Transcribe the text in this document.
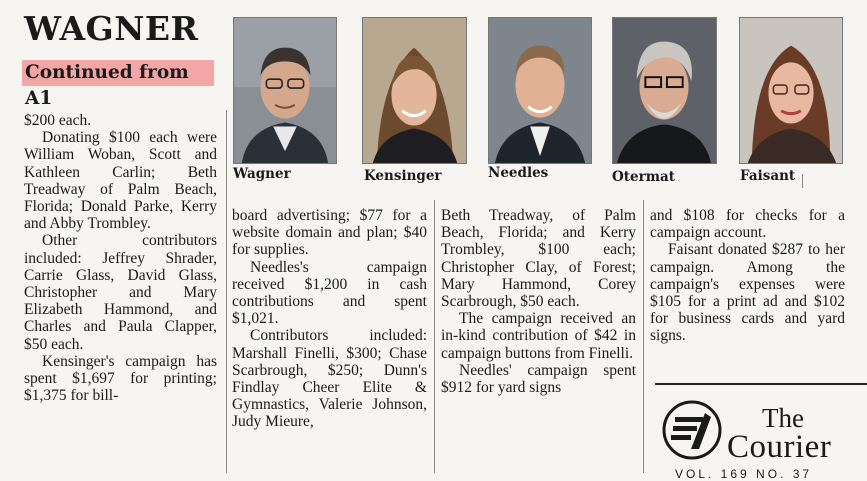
WAGNER
Continued from A1
Wagner	Kensinger	Needles	Otermat	Faisant

$200 each.

Donating $100 each were William Woban, Scott and Kathleen Carlin; Beth Treadway of Palm Beach, Florida; Donald Parke, Kerry and Abby Trombley.

Other contributors included: Jeffrey Shrader, Carrie Glass, David Glass, Christopher and Mary Elizabeth Hammond, and Charles and Paula Clapper, $50 each.

Kensinger's campaign has spent $1,697 for printing; $1,375 for bill-

board advertising; $77 for a website domain and plan; $40 for supplies.

Needles's campaign received $1,200 in cash contributions and spent $1,021.

Contributors included: Marshall Finelli, $300; Chase Scarbrough, $250; Dunn's Findlay Cheer Elite & Gymnastics, Valerie Johnson, Judy Mieure,

Beth Treadway, of Palm Beach, Florida; and Kerry Trombley, $100 each; Christopher Clay, of Forest; Mary Hammond, Corey Scarbrough, $50 each.

The campaign received an in-kind contribution of $42 in campaign buttons from Finelli.

Needles' campaign spent $912 for yard signs

and $108 for checks for a campaign account.

Faisant donated $287 to her campaign. Among the campaign's expenses were $105 for a print ad and $102 for business cards and yard signs.

The
Courier
VOL. 169 NO. 37
